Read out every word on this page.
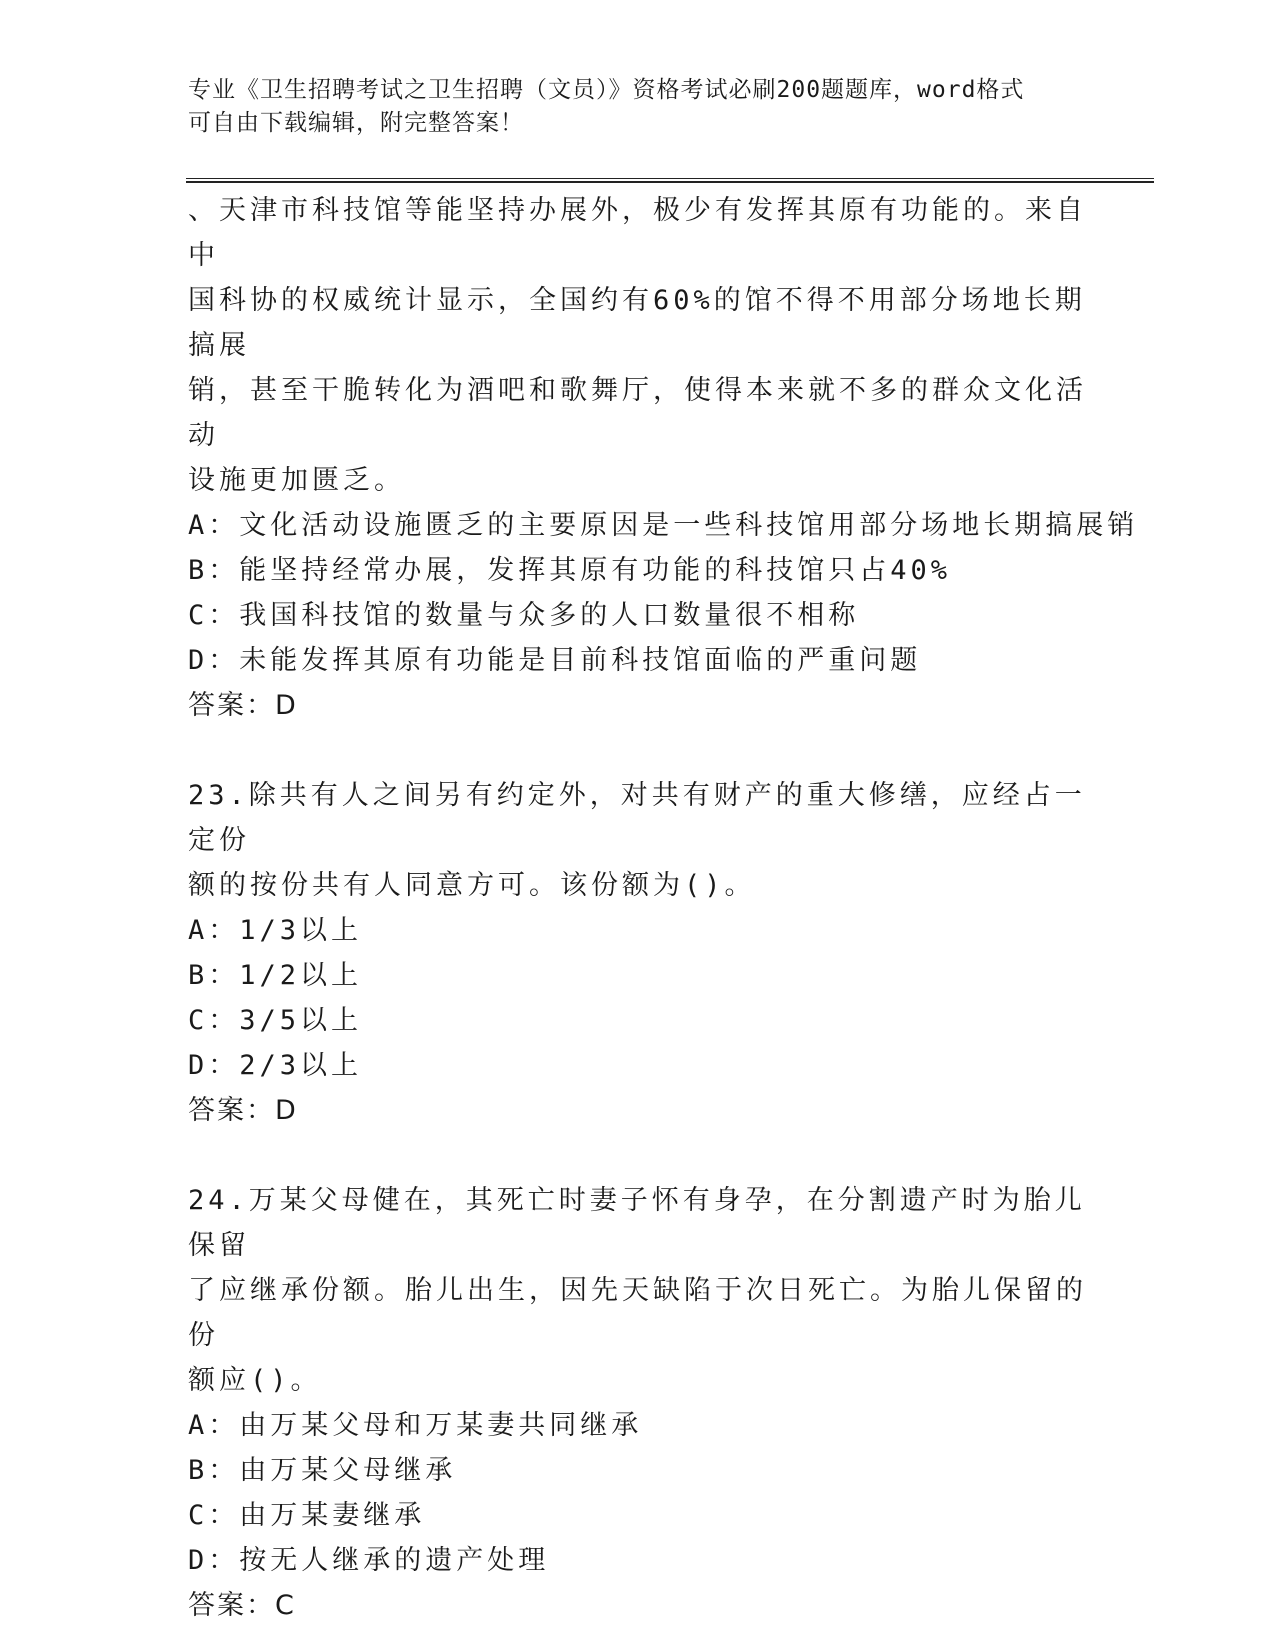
专业《卫生招聘考试之卫生招聘（文员）》资格考试必刷200题题库，word格式
可自由下载编辑，附完整答案！
、天津市科技馆等能坚持办展外，极少有发挥其原有功能的。来自中
国科协的权威统计显示，全国约有60%的馆不得不用部分场地长期搞展
销，甚至干脆转化为酒吧和歌舞厅，使得本来就不多的群众文化活动
设施更加匮乏。
A：文化活动设施匮乏的主要原因是一些科技馆用部分场地长期搞展销
B：能坚持经常办展，发挥其原有功能的科技馆只占40%
C：我国科技馆的数量与众多的人口数量很不相称
D：未能发挥其原有功能是目前科技馆面临的严重问题
答案：D
23.除共有人之间另有约定外，对共有财产的重大修缮，应经占一定份
额的按份共有人同意方可。该份额为()。
A：1/3以上
B：1/2以上
C：3/5以上
D：2/3以上
答案：D
24.万某父母健在，其死亡时妻子怀有身孕，在分割遗产时为胎儿保留
了应继承份额。胎儿出生，因先天缺陷于次日死亡。为胎儿保留的份
额应()。
A：由万某父母和万某妻共同继承
B：由万某父母继承
C：由万某妻继承
D：按无人继承的遗产处理
答案：C
